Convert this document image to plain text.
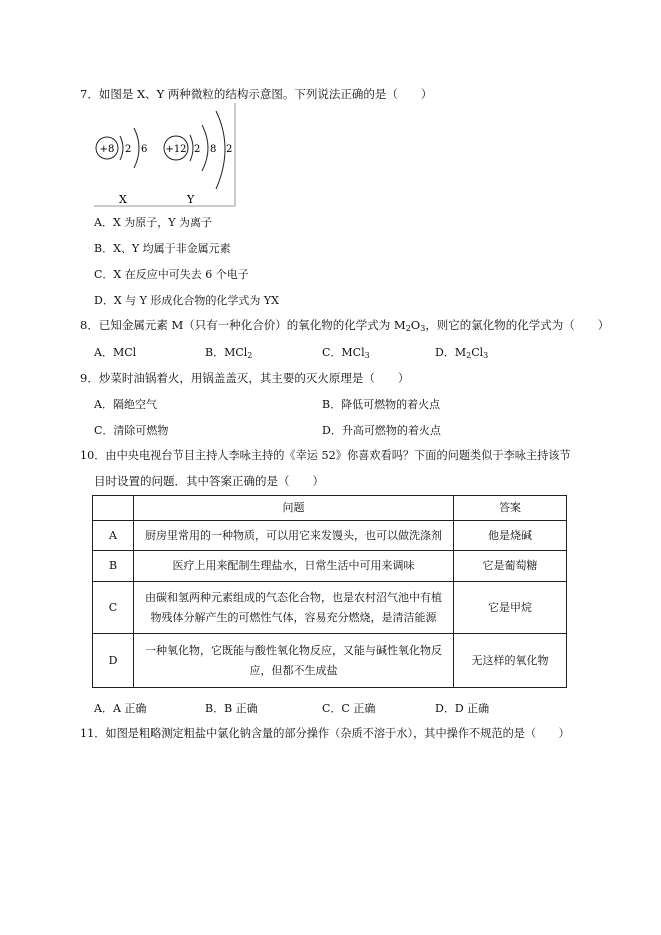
7．如图是 X、Y 两种微粒的结构示意图。下列说法正确的是（　　）
+8 2 6
X
+12 2 8 2
Y
A．X 为原子，Y 为离子
B．X、Y 均属于非金属元素
C．X 在反应中可失去 6 个电子
D．X 与 Y 形成化合物的化学式为 YX
8．已知金属元素 M（只有一种化合价）的氧化物的化学式为 $M_2O_3$，则它的氯化物的化学式为（　　）
A．MCl	B．MCl$_2$	C．MCl$_3$	D．$M_2Cl_3$
9．炒菜时油锅着火，用锅盖盖灭，其主要的灭火原理是（　　）
A．隔绝空气	B．降低可燃物的着火点
C．清除可燃物	D．升高可燃物的着火点
10．由中央电视台节目主持人李咏主持的《幸运 52》你喜欢看吗？下面的问题类似于李咏主持该节
目时设置的问题．其中答案正确的是（　　）
	问题	答案
A	厨房里常用的一种物质，可以用它来发馒头，也可以做洗涤剂	他是烧碱
B	医疗上用来配制生理盐水，日常生活中可用来调味	它是葡萄糖
C	由碳和氢两种元素组成的气态化合物，也是农村沼气池中有植
物残体分解产生的可燃性气体，容易充分燃烧，是清洁能源	它是甲烷
D	一种氧化物，它既能与酸性氧化物反应，又能与碱性氧化物反
应，但都不生成盐	无这样的氧化物
A．A 正确	B．B 正确	C．C 正确	D．D 正确
11．如图是粗略测定粗盐中氯化钠含量的部分操作（杂质不溶于水），其中操作不规范的是（　　）
